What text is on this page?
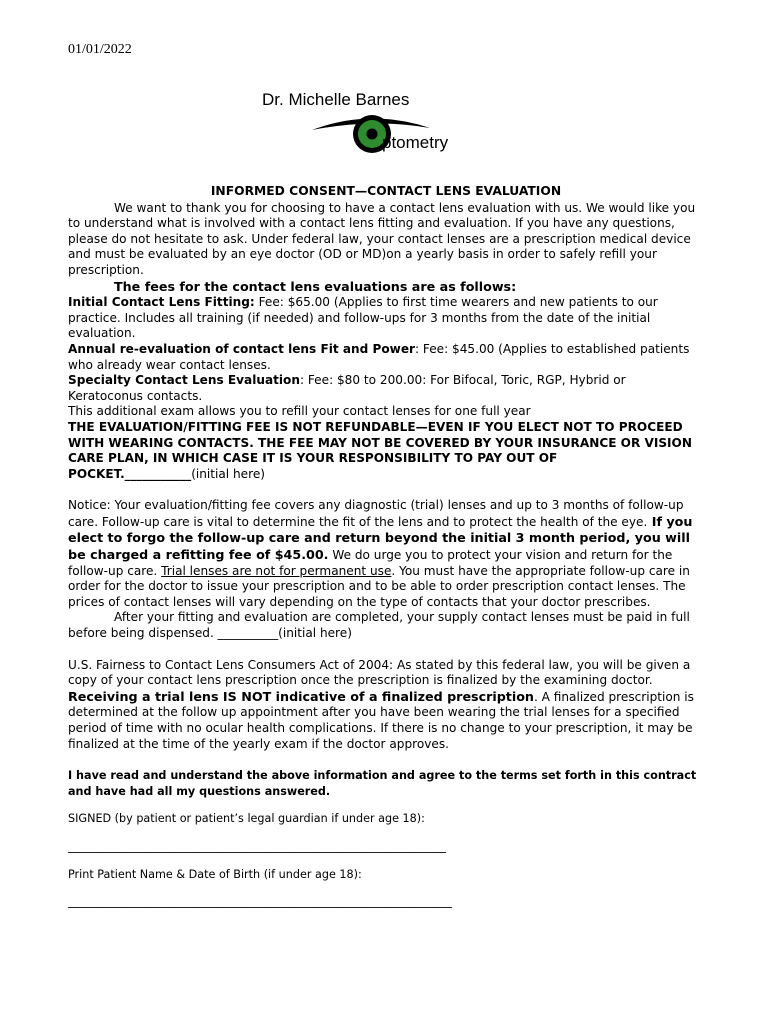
01/01/2022
Dr. Michelle Barnes
ptometry

INFORMED CONSENT—CONTACT LENS EVALUATION

We want to thank you for choosing to have a contact lens evaluation with us. We would like you to understand what is involved with a contact lens fitting and evaluation. If you have any questions, please do not hesitate to ask. Under federal law, your contact lenses are a prescription medical device and must be evaluated by an eye doctor (OD or MD)on a yearly basis in order to safely refill your prescription.

The fees for the contact lens evaluations are as follows:

Initial Contact Lens Fitting: Fee: $65.00 (Applies to first time wearers and new patients to our practice. Includes all training (if needed) and follow-ups for 3 months from the date of the initial evaluation.

Annual re-evaluation of contact lens Fit and Power: Fee: $45.00 (Applies to established patients who already wear contact lenses.

Specialty Contact Lens Evaluation: Fee: $80 to 200.00: For Bifocal, Toric, RGP, Hybrid or Keratoconus contacts.

This additional exam allows you to refill your contact lenses for one full year

THE EVALUATION/FITTING FEE IS NOT REFUNDABLE—EVEN IF YOU ELECT NOT TO PROCEED WITH WEARING CONTACTS. THE FEE MAY NOT BE COVERED BY YOUR INSURANCE OR VISION CARE PLAN, IN WHICH CASE IT IS YOUR RESPONSIBILITY TO PAY OUT OF POCKET.___________(initial here)

Notice: Your evaluation/fitting fee covers any diagnostic (trial) lenses and up to 3 months of follow-up care. Follow-up care is vital to determine the fit of the lens and to protect the health of the eye. If you elect to forgo the follow-up care and return beyond the initial 3 month period, you will be charged a refitting fee of $45.00. We do urge you to protect your vision and return for the follow-up care. Trial lenses are not for permanent use. You must have the appropriate follow-up care in order for the doctor to issue your prescription and to be able to order prescription contact lenses. The prices of contact lenses will vary depending on the type of contacts that your doctor prescribes.

After your fitting and evaluation are completed, your supply contact lenses must be paid in full before being dispensed. __________(initial here)

U.S. Fairness to Contact Lens Consumers Act of 2004: As stated by this federal law, you will be given a copy of your contact lens prescription once the prescription is finalized by the examining doctor. Receiving a trial lens IS NOT indicative of a finalized prescription. A finalized prescription is determined at the follow up appointment after you have been wearing the trial lenses for a specified period of time with no ocular health complications. If there is no change to your prescription, it may be finalized at the time of the yearly exam if the doctor approves.

I have read and understand the above information and agree to the terms set forth in this contract and have had all my questions answered.

SIGNED (by patient or patient’s legal guardian if under age 18):

_______________________________________________________________

Print Patient Name & Date of Birth (if under age 18):

________________________________________________________________
